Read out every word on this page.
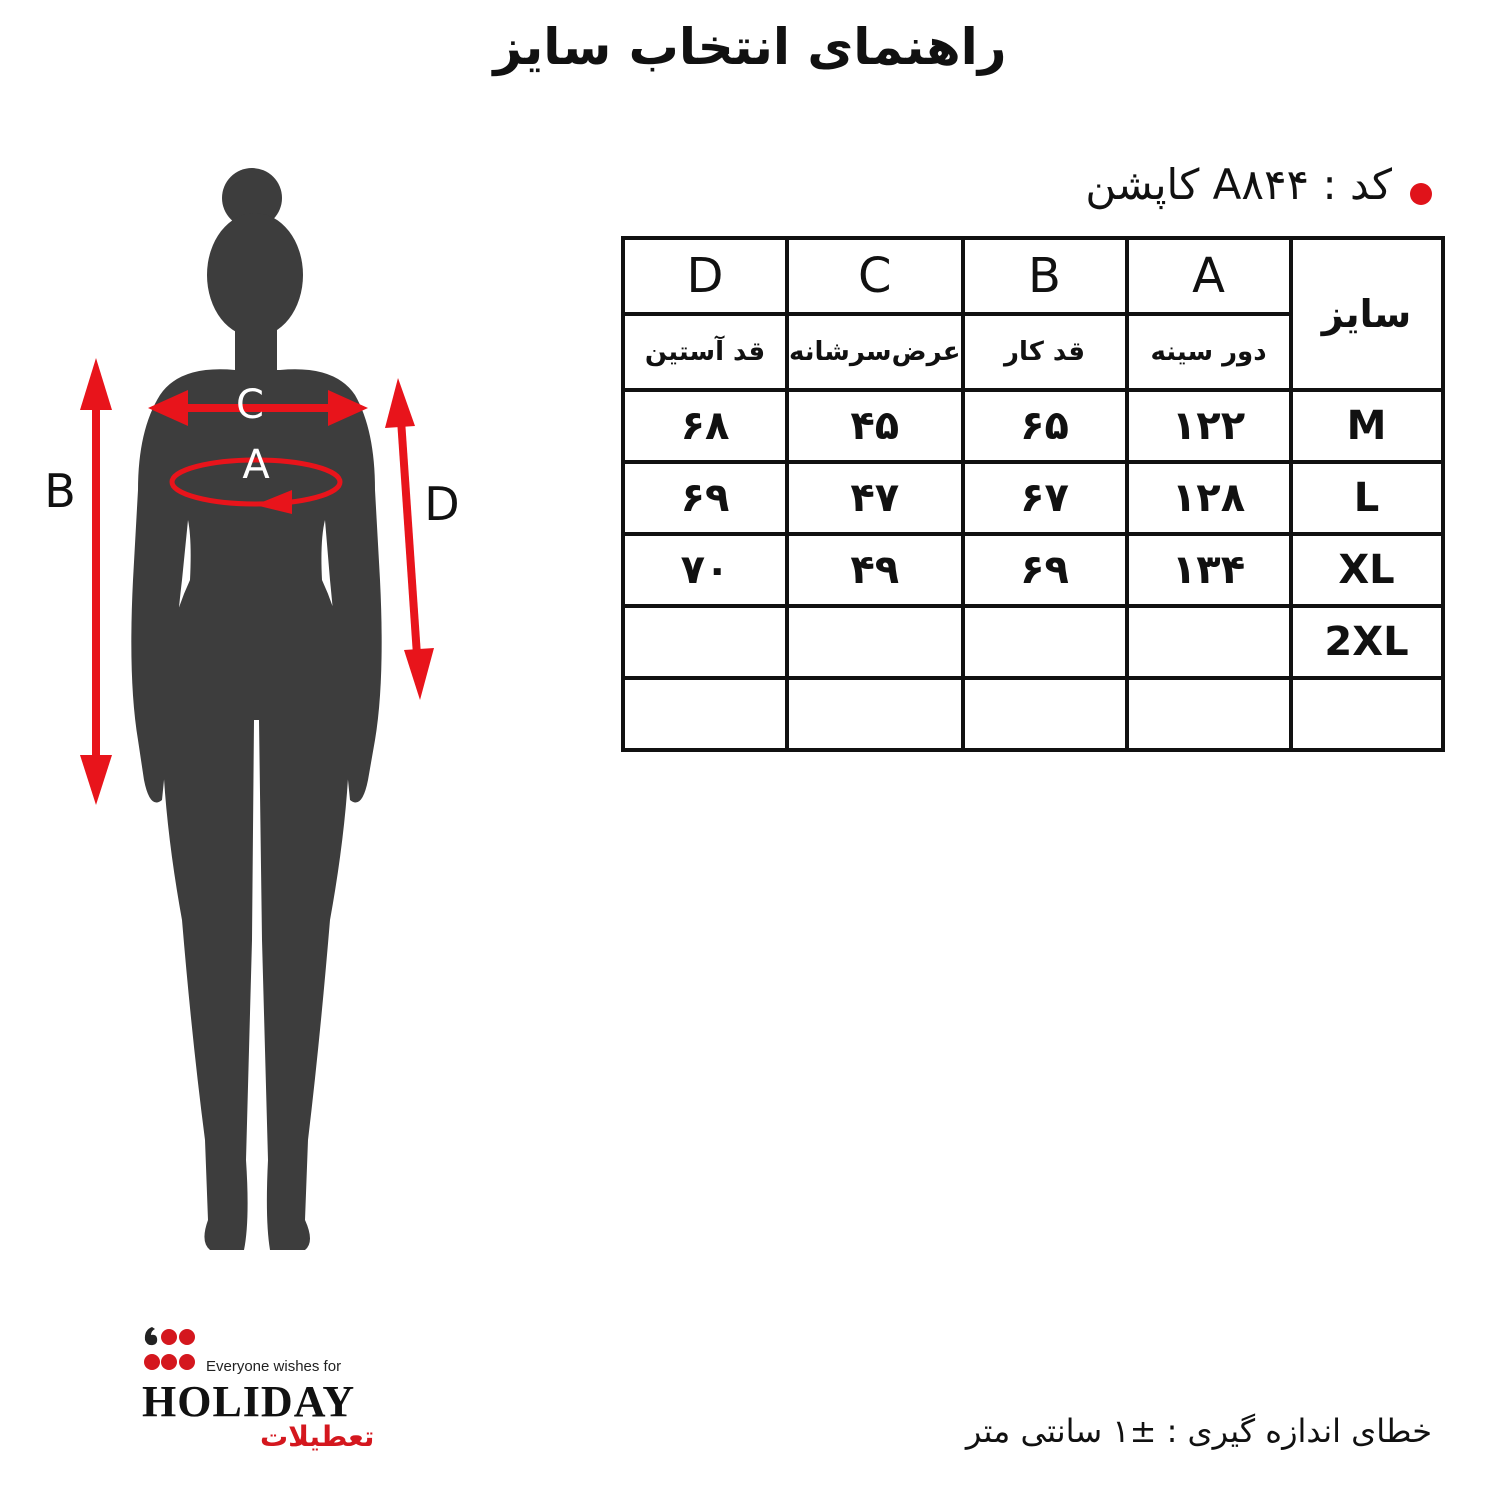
راهنمای انتخاب سایز
کد : A۸۴۴ کاپشن
سایز	A	B	C	D
	دور سینه	قد کار	عرض‌سرشانه	قد آستین
M	۱۲۲	۶۵	۴۵	۶۸
L	۱۲۸	۶۷	۴۷	۶۹
XL	۱۳۴	۶۹	۴۹	۷۰
2XL				

C
A
B	D
Everyone wishes for
HOLIDAY
تعطیلات	خطای اندازه گیری : ±۱ سانتی متر
